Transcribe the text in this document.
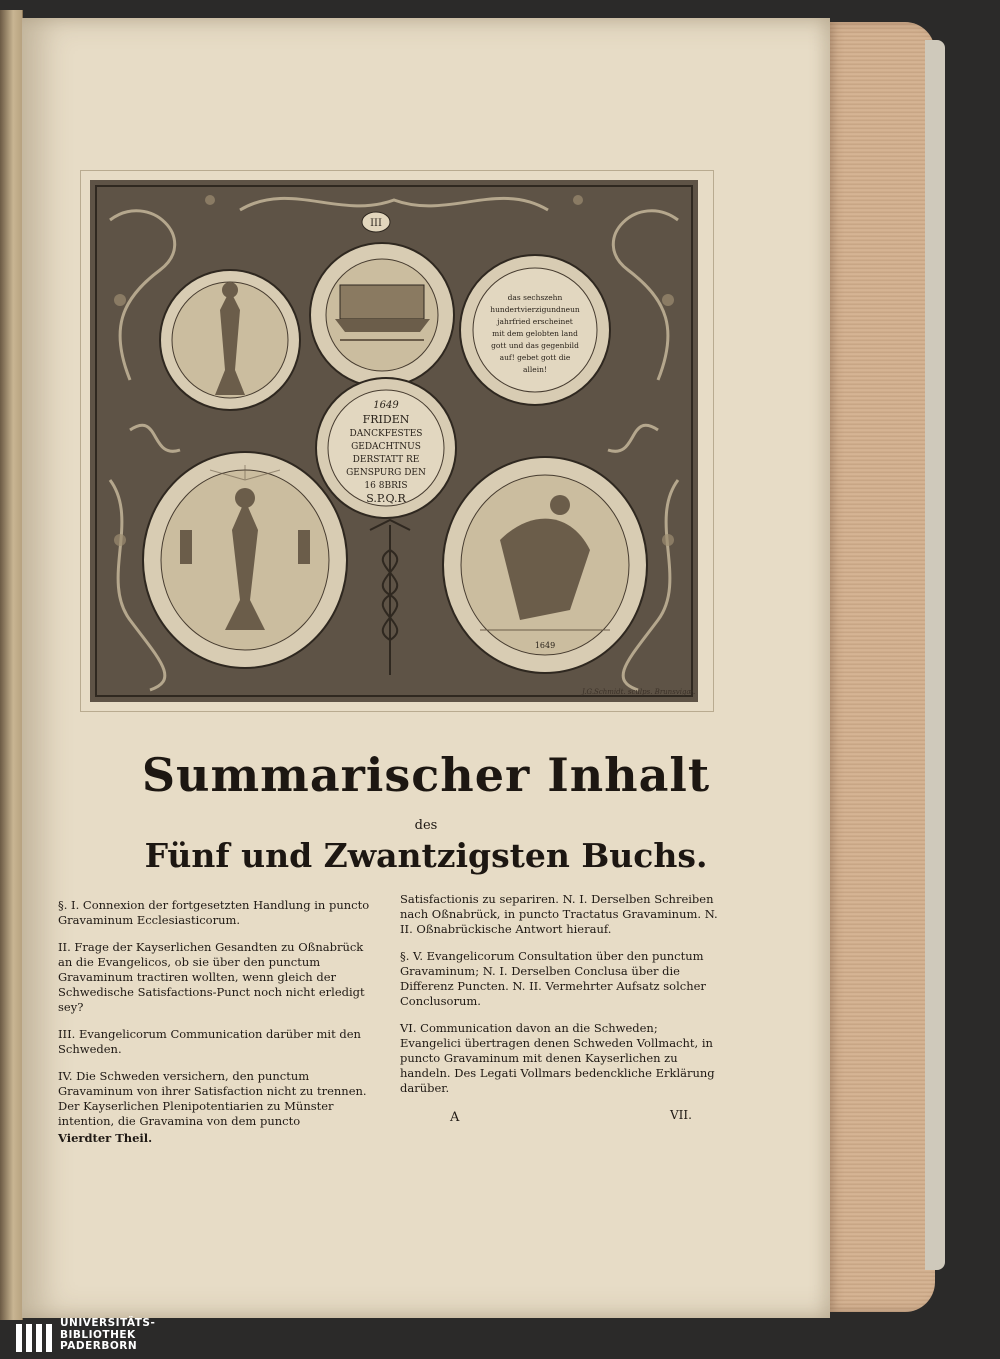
III
das sechszehn
hundertvierzigundneun
jahrfried erscheinet
mit dem gelobten land
gott und das gegenbild
auf! gebet gott die
allein!
1649
FRIDEN
DANCKFESTES
GEDACHTNUS
DERSTATT RE
GENSPURG DEN
16 8BRIS
S.P.Q.R
1649
J.G.Schmidt. sculps. Brunsvigæ.
Summarischer Inhalt
des
Fünf und Zwantzigsten Buchs.

§. I. Connexion der fortgesetzten Handlung in puncto Gravaminum Ecclesiasticorum.

II. Frage der Kayserlichen Gesandten zu Oßnabrück an die Evangelicos, ob sie über den punctum Gravaminum tractiren wollten, wenn gleich der Schwedische Satisfactions-Punct noch nicht erledigt sey?

III. Evangelicorum Communication darüber mit den Schweden.

IV. Die Schweden versichern, den punctum Gravaminum von ihrer Satisfaction nicht zu trennen. Der Kayserlichen Plenipotentiarien zu Münster intention, die Gravamina von dem puncto

Vierdter Theil.

Satisfactionis zu separiren. N. I. Derselben Schreiben nach Oßnabrück, in puncto Tractatus Gravaminum. N. II. Oßnabrückische Antwort hierauf.

§. V. Evangelicorum Consultation über den punctum Gravaminum; N. I. Derselben Conclusa über die Differenz Puncten. N. II. Vermehrter Aufsatz solcher Conclusorum.

VI. Communication davon an die Schweden; Evangelici übertragen denen Schweden Vollmacht, in puncto Gravaminum mit denen Kayserlichen zu handeln. Des Legati Vollmars bedenckliche Erklärung darüber.

A	VII.
UNIVERSITÄTS-
BIBLIOTHEK
PADERBORN
